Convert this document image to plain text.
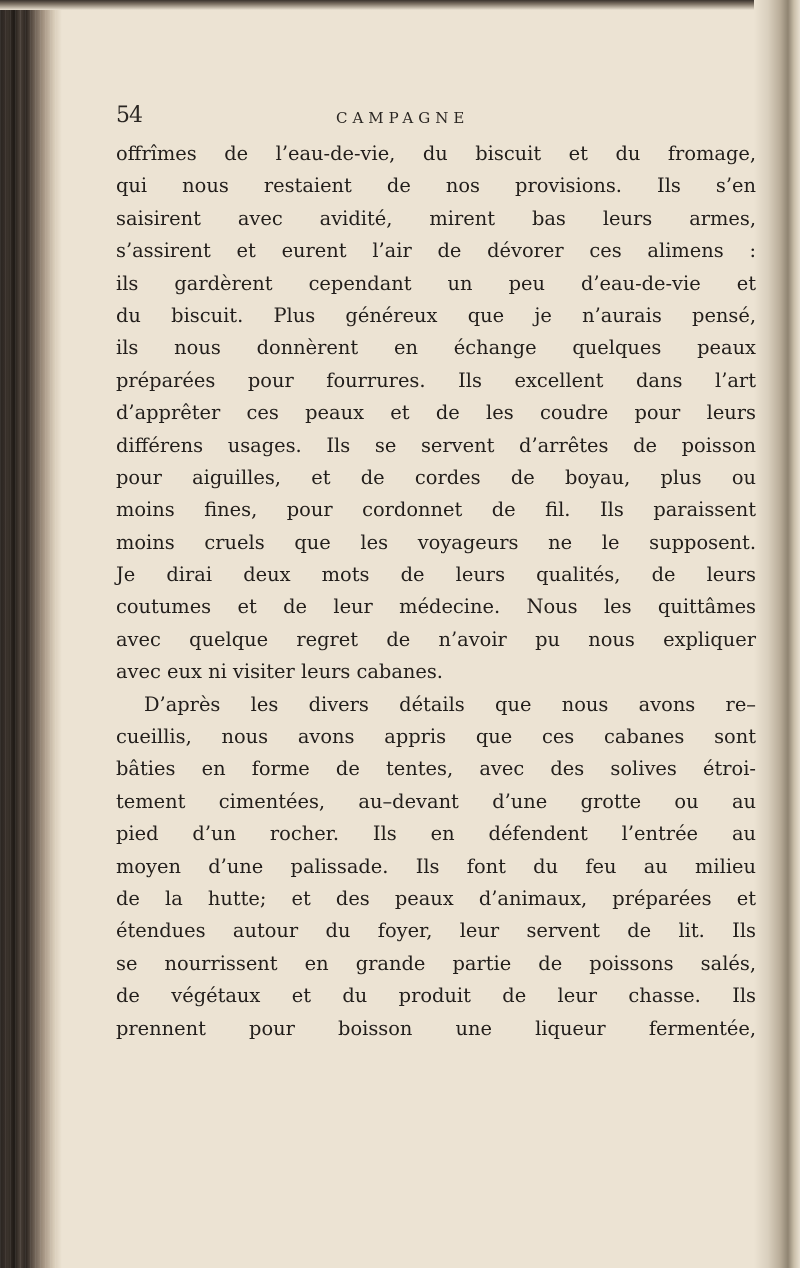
54	CAMPAGNE
offrîmes de l’eau-de-vie, du biscuit et du fromage,
qui nous restaient de nos provisions. Ils s’en
saisirent avec avidité, mirent bas leurs armes,
s’assirent et eurent l’air de dévorer ces alimens :
ils gardèrent cependant un peu d’eau-de-vie et
du biscuit. Plus généreux que je n’aurais pensé,
ils nous donnèrent en échange quelques peaux
préparées pour fourrures. Ils excellent dans l’art
d’apprêter ces peaux et de les coudre pour leurs
différens usages. Ils se servent d’arrêtes de poisson
pour aiguilles, et de cordes de boyau, plus ou
moins fines, pour cordonnet de fil. Ils paraissent
moins cruels que les voyageurs ne le supposent.
Je dirai deux mots de leurs qualités, de leurs
coutumes et de leur médecine. Nous les quittâmes
avec quelque regret de n’avoir pu nous expliquer
avec eux ni visiter leurs cabanes.
D’après les divers détails que nous avons re–
cueillis, nous avons appris que ces cabanes sont
bâties en forme de tentes, avec des solives étroi-
tement cimentées, au–devant d’une grotte ou au
pied d’un rocher. Ils en défendent l’entrée au
moyen d’une palissade. Ils font du feu au milieu
de la hutte; et des peaux d’animaux, préparées et
étendues autour du foyer, leur servent de lit. Ils
se nourrissent en grande partie de poissons salés,
de végétaux et du produit de leur chasse. Ils
prennent pour boisson une liqueur fermentée,
